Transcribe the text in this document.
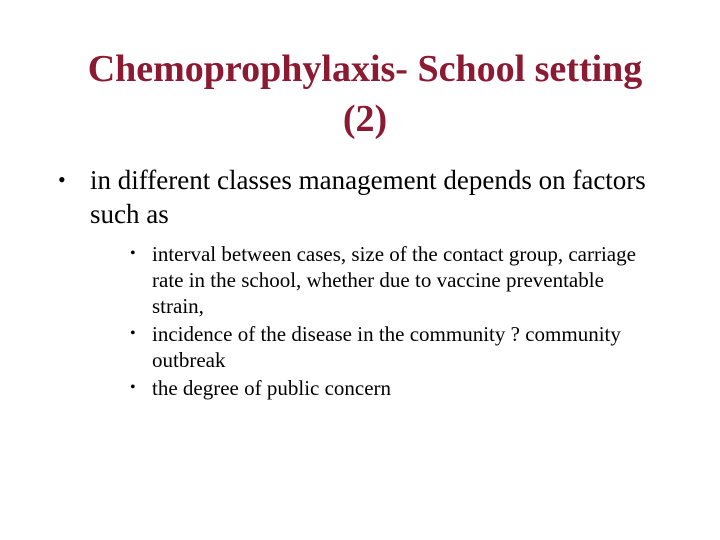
Chemoprophylaxis- School setting
(2)
• in different classes management depends on factors such as
• interval between cases, size of the contact group, carriage rate in the school, whether due to vaccine preventable strain,
• incidence of the disease in the community ? community outbreak
• the degree of public concern
